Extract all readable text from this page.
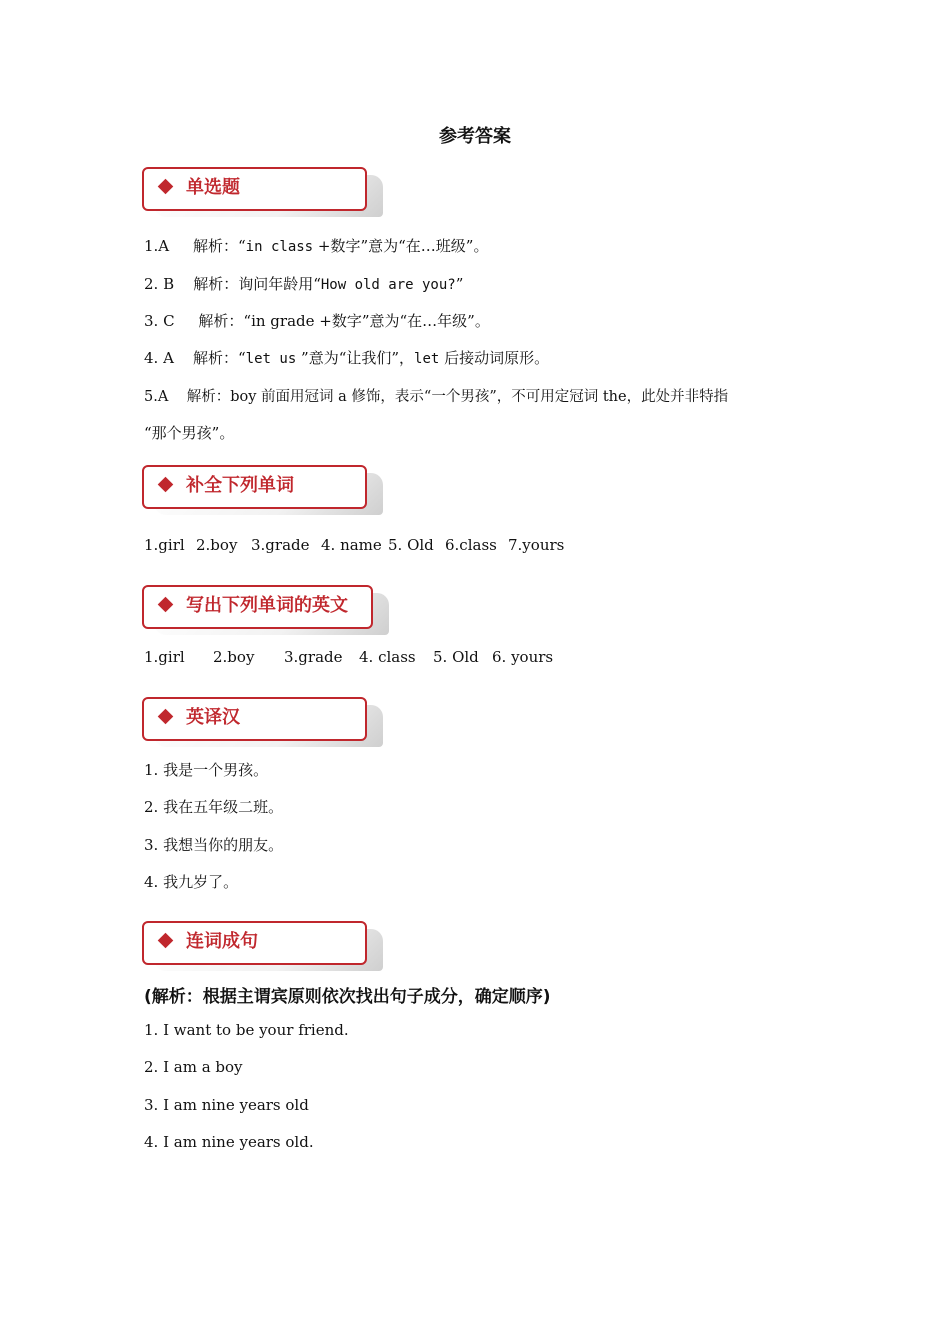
参考答案
单选题
1.A 解析：“in class +数字”意为“在…班级”。
2. B 解析：询问年龄用“How old are you?”
3. C 解析：“in grade +数字”意为“在…年级”。
4. A 解析：“let us ”意为“让我们”，let 后接动词原形。
5.A 解析：boy 前面用冠词 a 修饰，表示“一个男孩”，不可用定冠词 the，此处并非特指
“那个男孩”。
补全下列单词
1.girl 2.boy 3.grade 4. name 5. Old 6.class 7.yours
写出下列单词的英文
1.girl 2.boy 3.grade 4. class 5. Old 6. yours
英译汉
1. 我是一个男孩。
2. 我在五年级二班。
3. 我想当你的朋友。
4. 我九岁了。
连词成句
(解析：根据主谓宾原则依次找出句子成分，确定顺序)
1. I want to be your friend.
2. I am a boy
3. I am nine years old
4. I am nine years old.
